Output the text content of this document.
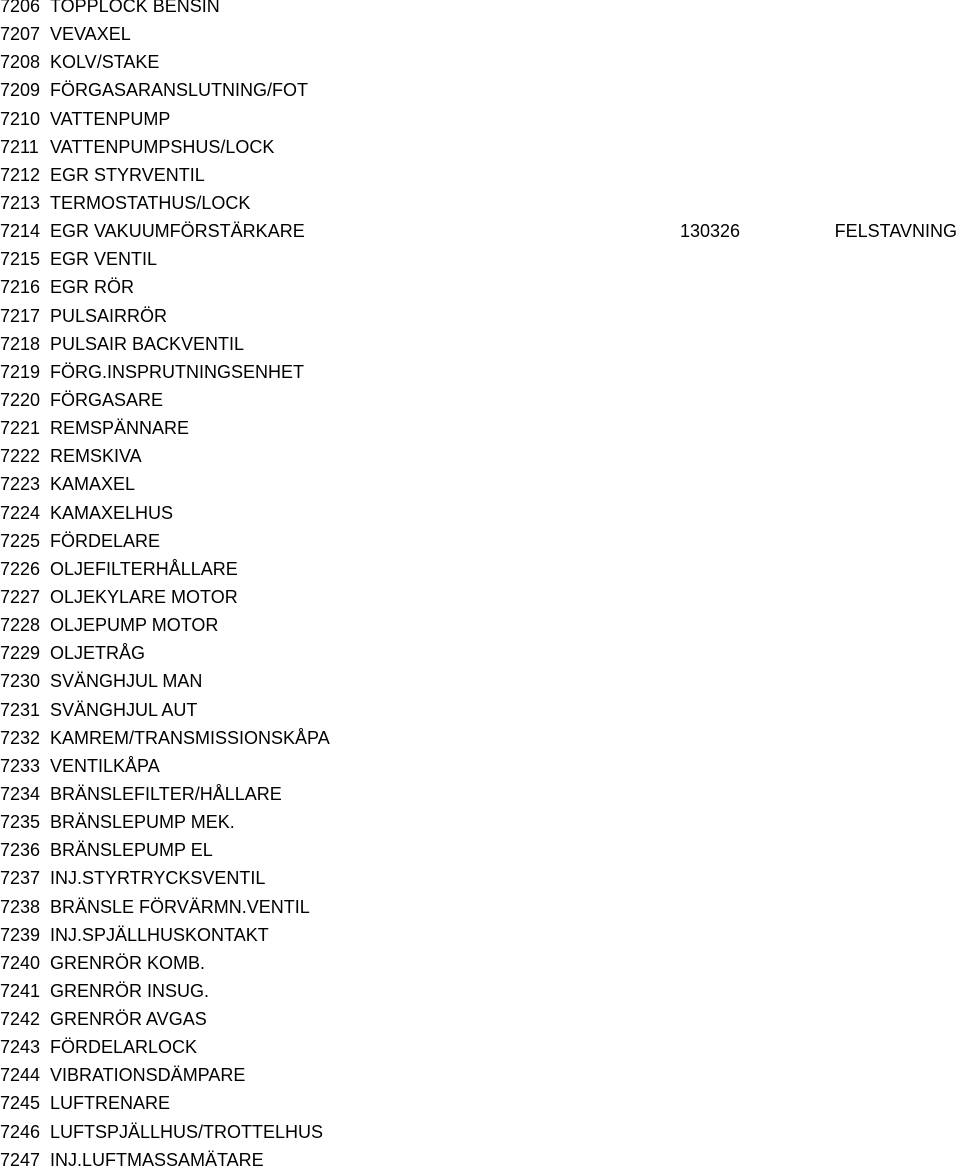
7206 TOPPLOCK BENSIN
7207 VEVAXEL
7208 KOLV/STAKE
7209 FÖRGASARANSLUTNING/FOT
7210 VATTENPUMP
7211 VATTENPUMPSHUS/LOCK
7212 EGR STYRVENTIL
7213 TERMOSTATHUS/LOCK
7214 EGR VAKUUMFÖRSTÄRKARE	130326	FELSTAVNING
7215 EGR VENTIL
7216 EGR RÖR
7217 PULSAIRRÖR
7218 PULSAIR BACKVENTIL
7219 FÖRG.INSPRUTNINGSENHET
7220 FÖRGASARE
7221 REMSPÄNNARE
7222 REMSKIVA
7223 KAMAXEL
7224 KAMAXELHUS
7225 FÖRDELARE
7226 OLJEFILTERHÅLLARE
7227 OLJEKYLARE MOTOR
7228 OLJEPUMP MOTOR
7229 OLJETRÅG
7230 SVÄNGHJUL MAN
7231 SVÄNGHJUL AUT
7232 KAMREM/TRANSMISSIONSKÅPA
7233 VENTILKÅPA
7234 BRÄNSLEFILTER/HÅLLARE
7235 BRÄNSLEPUMP MEK.
7236 BRÄNSLEPUMP EL
7237 INJ.STYRTRYCKSVENTIL
7238 BRÄNSLE FÖRVÄRMN.VENTIL
7239 INJ.SPJÄLLHUSKONTAKT
7240 GRENRÖR KOMB.
7241 GRENRÖR INSUG.
7242 GRENRÖR AVGAS
7243 FÖRDELARLOCK
7244 VIBRATIONSDÄMPARE
7245 LUFTRENARE
7246 LUFTSPJÄLLHUS/TROTTELHUS
7247 INJ.LUFTMASSAMÄTARE
